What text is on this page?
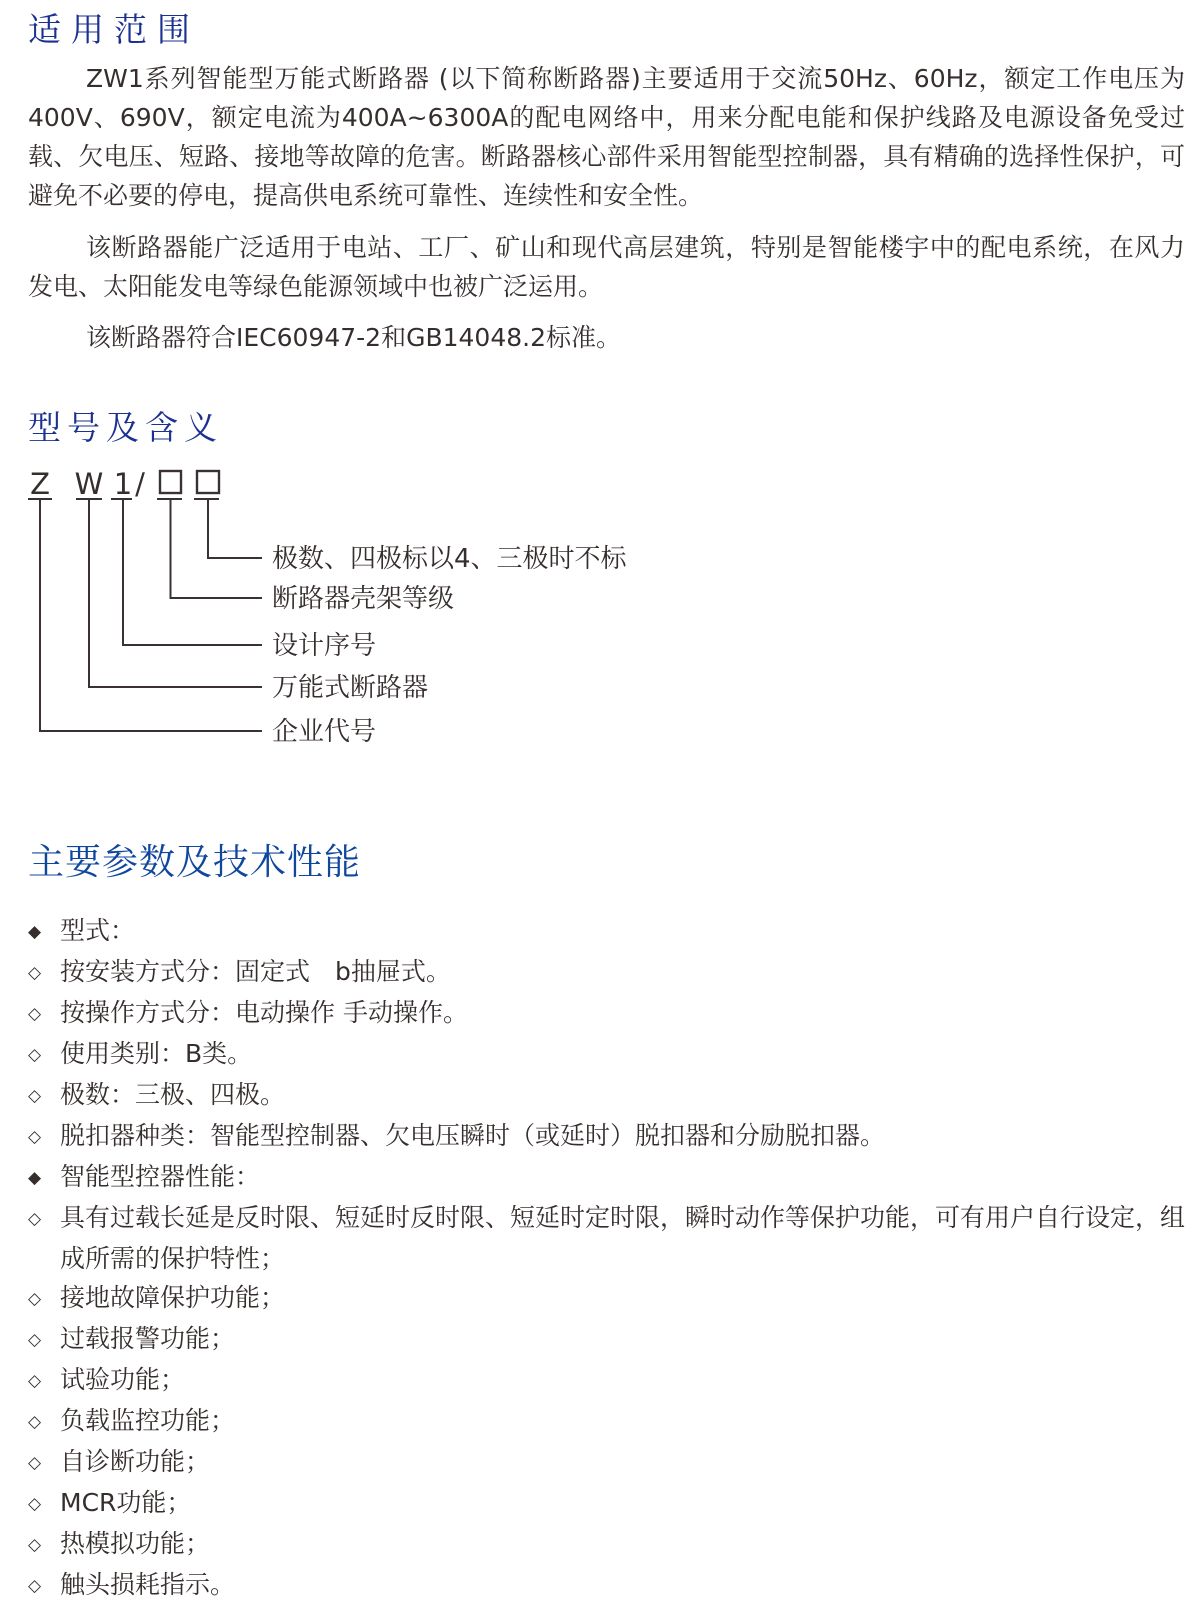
适用范围

ZW1系列智能型万能式断路器 (以下简称断路器)主要适用于交流50Hz、60Hz，额定工作电压为400V、690V，额定电流为400A~6300A的配电网络中，用来分配电能和保护线路及电源设备免受过载、欠电压、短路、接地等故障的危害。断路器核心部件采用智能型控制器，具有精确的选择性保护，可避免不必要的停电，提高供电系统可靠性、连续性和安全性。

该断路器能广泛适用于电站、工厂、矿山和现代高层建筑，特别是智能楼宇中的配电系统，在风力发电、太阳能发电等绿色能源领域中也被广泛运用。

该断路器符合IEC60947-2和GB14048.2标准。

型号及含义
Z W 1 /
极数、四极标以4、三极时不标
断路器壳架等级
设计序号
万能式断路器
企业代号
主要参数及技术性能
◆ 型式：
◇ 按安装方式分：固定式　b抽屉式。
◇ 按操作方式分：电动操作 手动操作。
◇ 使用类别：B类。
◇ 极数：三极、四极。
◇ 脱扣器种类：智能型控制器、欠电压瞬时（或延时）脱扣器和分励脱扣器。
◆ 智能型控器性能：
◇ 具有过载长延是反时限、短延时反时限、短延时定时限，瞬时动作等保护功能，可有用户自行设定，组成所需的保护特性；
◇ 接地故障保护功能；
◇ 过载报警功能；
◇ 试验功能；
◇ 负载监控功能；
◇ 自诊断功能；
◇ MCR功能；
◇ 热模拟功能；
◇ 触头损耗指示。
